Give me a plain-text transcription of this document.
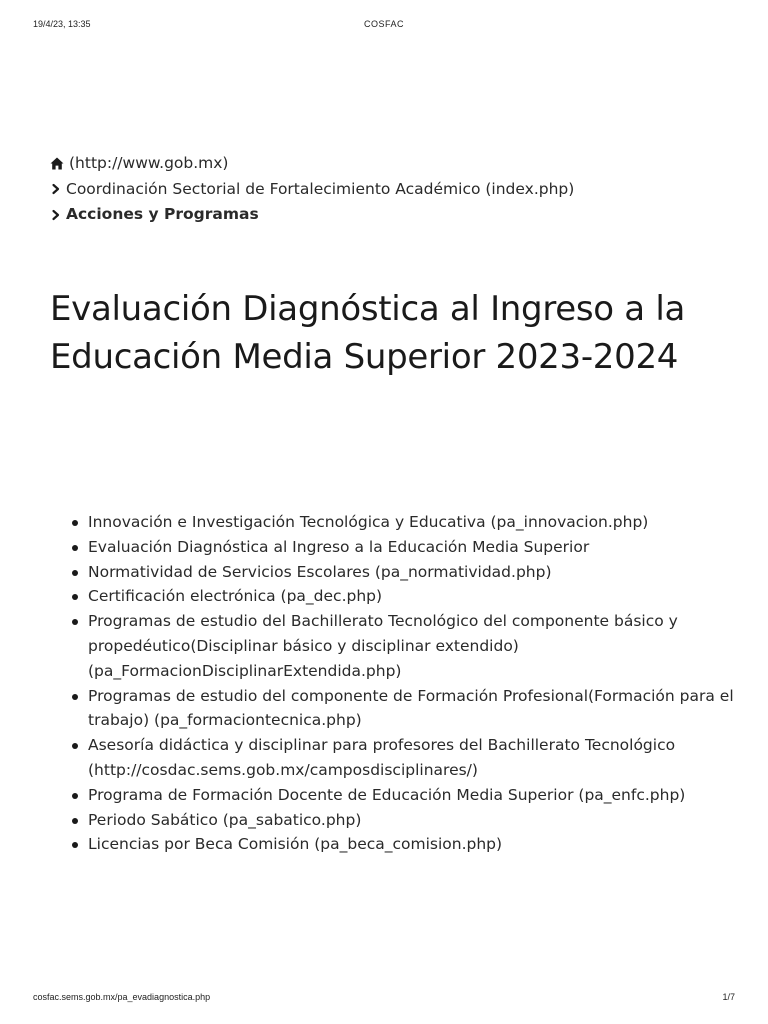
19/4/23, 13:35	COSFAC
(http://www.gob.mx)
Coordinación Sectorial de Fortalecimiento Académico (index.php)
Acciones y Programas
Evaluación Diagnóstica al Ingreso a la Educación Media Superior 2023-2024
Innovación e Investigación Tecnológica y Educativa (pa_innovacion.php)
Evaluación Diagnóstica al Ingreso a la Educación Media Superior
Normatividad de Servicios Escolares (pa_normatividad.php)
Certificación electrónica (pa_dec.php)
Programas de estudio del Bachillerato Tecnológico del componente básico y propedéutico(Disciplinar básico y disciplinar extendido) (pa_FormacionDisciplinarExtendida.php)
Programas de estudio del componente de Formación Profesional(Formación para el trabajo) (pa_formaciontecnica.php)
Asesoría didáctica y disciplinar para profesores del Bachillerato Tecnológico (http://cosdac.sems.gob.mx/camposdisciplinares/)
Programa de Formación Docente de Educación Media Superior (pa_enfc.php)
Periodo Sabático (pa_sabatico.php)
Licencias por Beca Comisión (pa_beca_comision.php)
cosfac.sems.gob.mx/pa_evadiagnostica.php	1/7
